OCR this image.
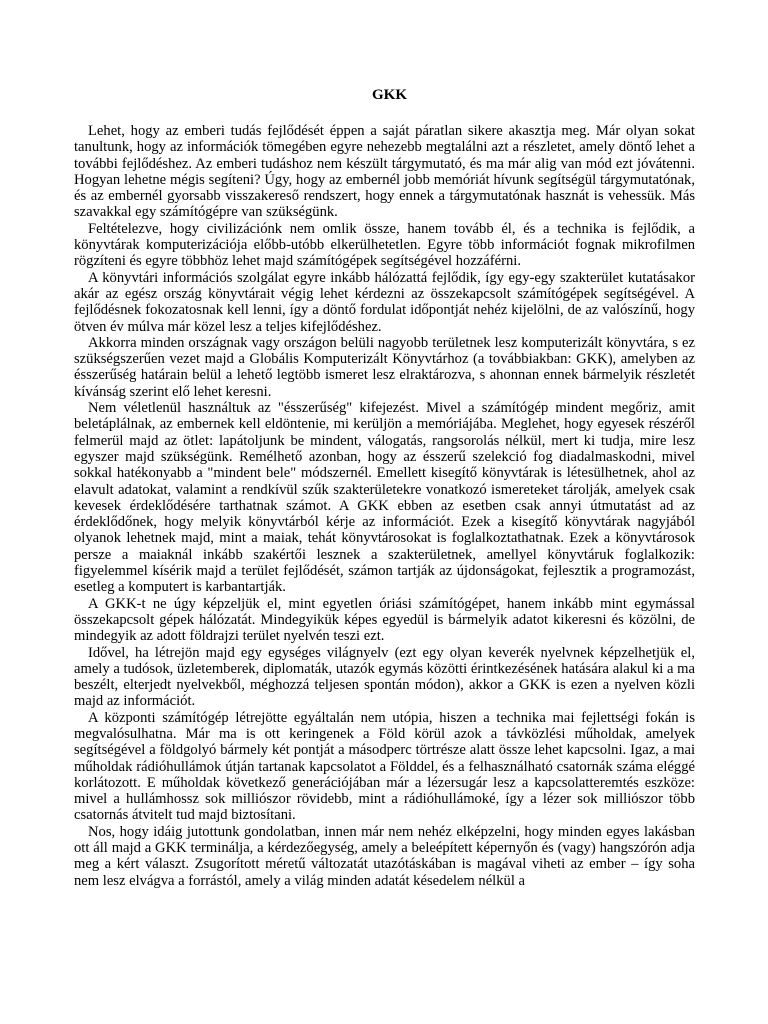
GKK

Lehet, hogy az emberi tudás fejlődését éppen a saját páratlan sikere akasztja meg. Már olyan sokat tanultunk, hogy az információk tömegében egyre nehezebb megtalálni azt a részletet, amely döntő lehet a további fejlődéshez. Az emberi tudáshoz nem készült tárgymutató, és ma már alig van mód ezt jóvátenni. Hogyan lehetne mégis segíteni? Úgy, hogy az embernél jobb memóriát hívunk segítségül tárgymutatónak, és az embernél gyorsabb visszakereső rendszert, hogy ennek a tárgymutatónak hasznát is vehessük. Más szavakkal egy számítógépre van szükségünk.

Feltételezve, hogy civilizációnk nem omlik össze, hanem tovább él, és a technika is fejlődik, a könyvtárak komputerizációja előbb-utóbb elkerülhetetlen. Egyre több információt fognak mikrofilmen rögzíteni és egyre többhöz lehet majd számítógépek segítségével hozzáférni.

A könyvtári információs szolgálat egyre inkább hálózattá fejlődik, így egy-egy szakterület kutatásakor akár az egész ország könyvtárait végig lehet kérdezni az összekapcsolt számítógépek segítségével. A fejlődésnek fokozatosnak kell lenni, így a döntő fordulat időpontját nehéz kijelölni, de az valószínű, hogy ötven év múlva már közel lesz a teljes kifejlődéshez.

Akkorra minden országnak vagy országon belüli nagyobb területnek lesz komputerizált könyvtára, s ez szükségszerűen vezet majd a Globális Komputerizált Könyvtárhoz (a továbbiakban: GKK), amelyben az ésszerűség határain belül a lehető legtöbb ismeret lesz elraktározva, s ahonnan ennek bármelyik részletét kívánság szerint elő lehet keresni.

Nem véletlenül használtuk az "ésszerűség" kifejezést. Mivel a számítógép mindent megőriz, amit beletáplálnak, az embernek kell eldöntenie, mi kerüljön a memóriájába. Meglehet, hogy egyesek részéről felmerül majd az ötlet: lapátoljunk be mindent, válogatás, rangsorolás nélkül, mert ki tudja, mire lesz egyszer majd szükségünk. Remélhető azonban, hogy az ésszerű szelekció fog diadalmaskodni, mivel sokkal hatékonyabb a "mindent bele" módszernél. Emellett kisegítő könyvtárak is létesülhetnek, ahol az elavult adatokat, valamint a rendkívül szűk szakterületekre vonatkozó ismereteket tárolják, amelyek csak kevesek érdeklődésére tarthatnak számot. A GKK ebben az esetben csak annyi útmutatást ad az érdeklődőnek, hogy melyik könyvtárból kérje az információt. Ezek a kisegítő könyvtárak nagyjából olyanok lehetnek majd, mint a maiak, tehát könyvtárosokat is foglalkoztathatnak. Ezek a könyvtárosok persze a maiaknál inkább szakértői lesznek a szakterületnek, amellyel könyvtáruk foglalkozik: figyelemmel kísérik majd a terület fejlődését, számon tartják az újdonságokat, fejlesztik a programozást, esetleg a komputert is karbantartják.

A GKK-t ne úgy képzeljük el, mint egyetlen óriási számítógépet, hanem inkább mint egymással összekapcsolt gépek hálózatát. Mindegyikük képes egyedül is bármelyik adatot kikeresni és közölni, de mindegyik az adott földrajzi terület nyelvén teszi ezt.

Idővel, ha létrejön majd egy egységes világnyelv (ezt egy olyan keverék nyelvnek képzelhetjük el, amely a tudósok, üzletemberek, diplomaták, utazók egymás közötti érintkezésének hatására alakul ki a ma beszélt, elterjedt nyelvekből, méghozzá teljesen spontán módon), akkor a GKK is ezen a nyelven közli majd az információt.

A központi számítógép létrejötte egyáltalán nem utópia, hiszen a technika mai fejlettségi fokán is megvalósulhatna. Már ma is ott keringenek a Föld körül azok a távközlési műholdak, amelyek segítségével a földgolyó bármely két pontját a másodperc törtrésze alatt össze lehet kapcsolni. Igaz, a mai műholdak rádióhullámok útján tartanak kapcsolatot a Földdel, és a felhasználható csatornák száma eléggé korlátozott. E műholdak következő generációjában már a lézersugár lesz a kapcsolatteremtés eszköze: mivel a hullámhossz sok milliószor rövidebb, mint a rádióhullámoké, így a lézer sok milliószor több csatornás átvitelt tud majd biztosítani.

Nos, hogy idáig jutottunk gondolatban, innen már nem nehéz elképzelni, hogy minden egyes lakásban ott áll majd a GKK terminálja, a kérdezőegység, amely a beleépített képernyőn és (vagy) hangszórón adja meg a kért választ. Zsugorított méretű változatát utazótáskában is magával viheti az ember – így soha nem lesz elvágva a forrástól, amely a világ minden adatát késedelem nélkül a
